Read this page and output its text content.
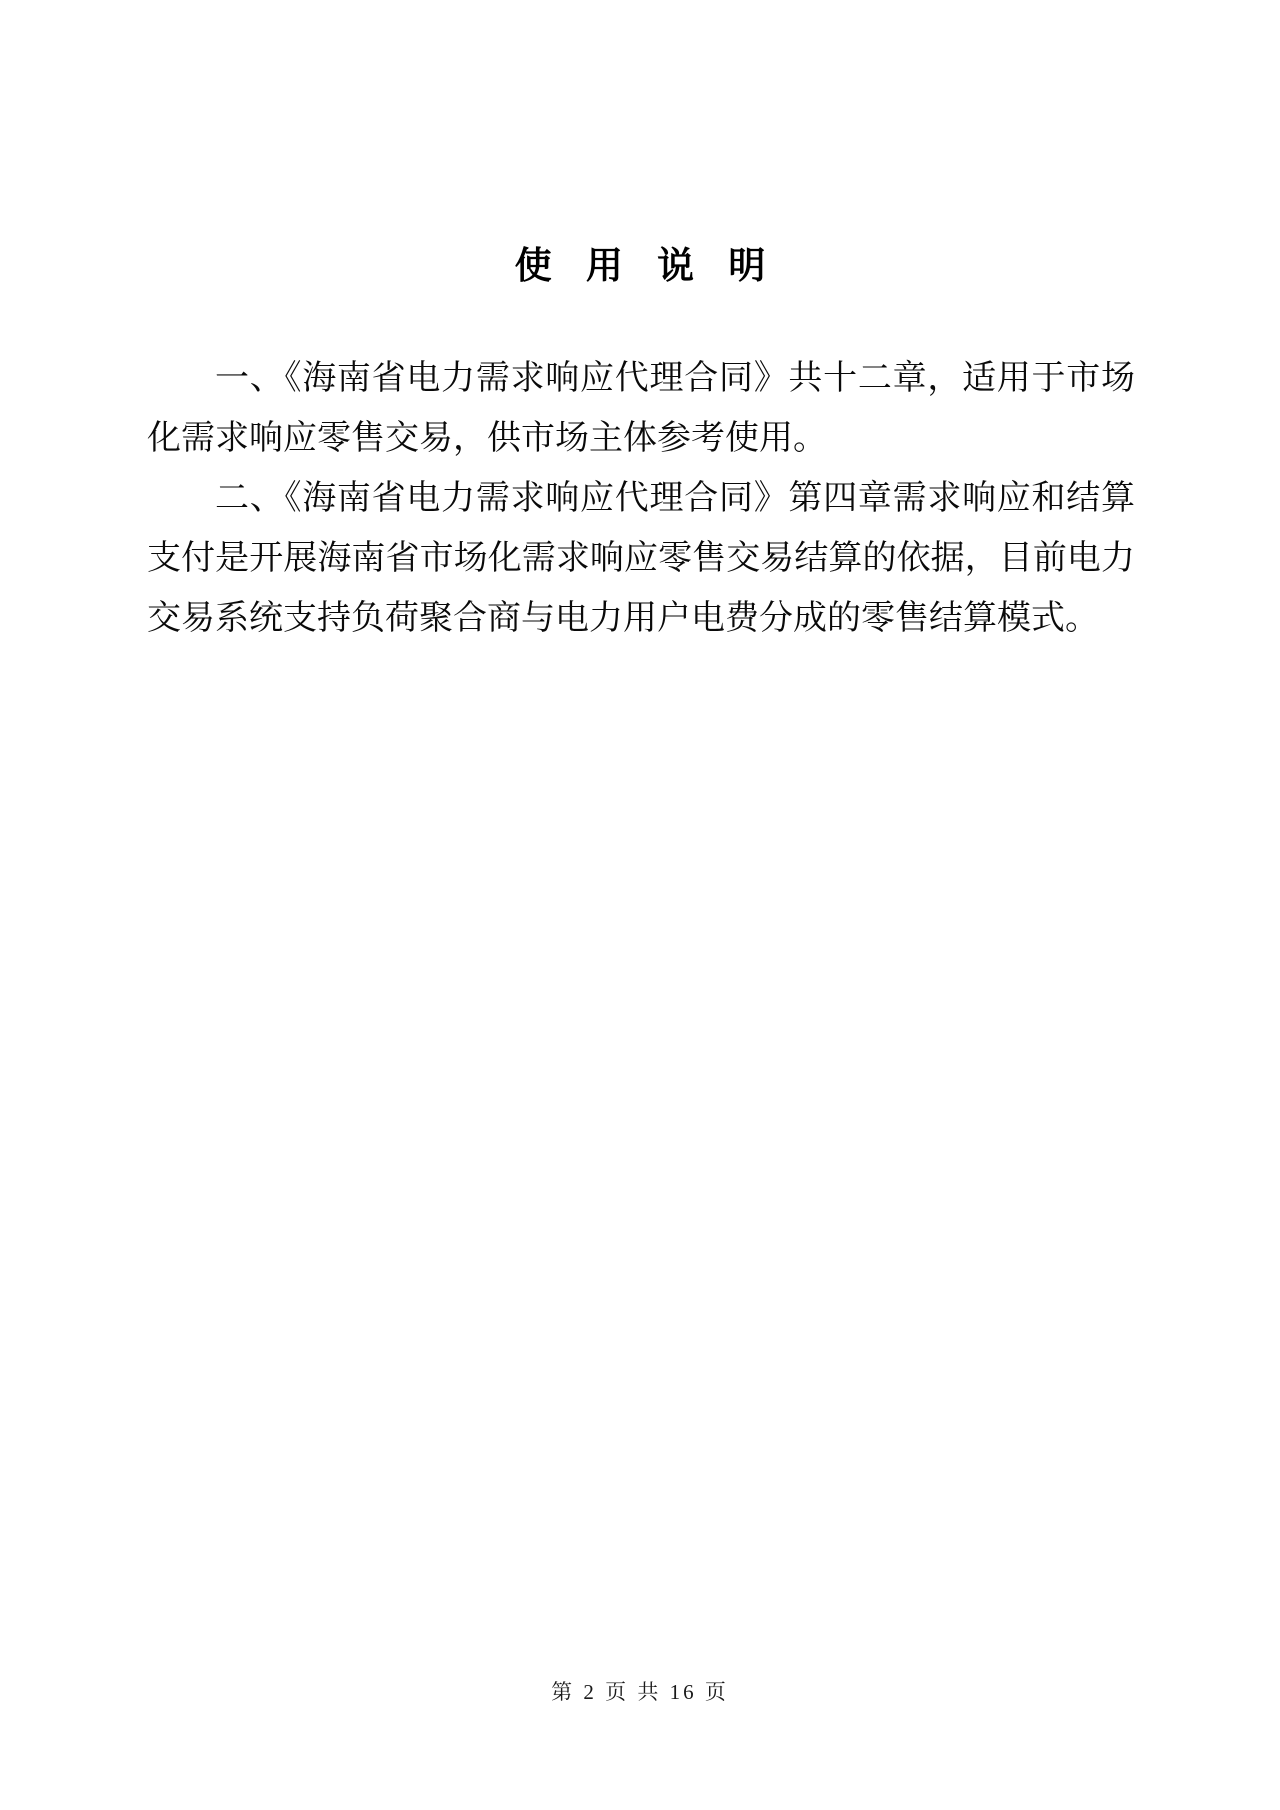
使 用 说 明

一、《海南省电力需求响应代理合同》共十二章，适用于市场化需求响应零售交易，供市场主体参考使用。

二、《海南省电力需求响应代理合同》第四章需求响应和结算支付是开展海南省市场化需求响应零售交易结算的依据，目前电力交易系统支持负荷聚合商与电力用户电费分成的零售结算模式。

第 2 页 共 16 页
